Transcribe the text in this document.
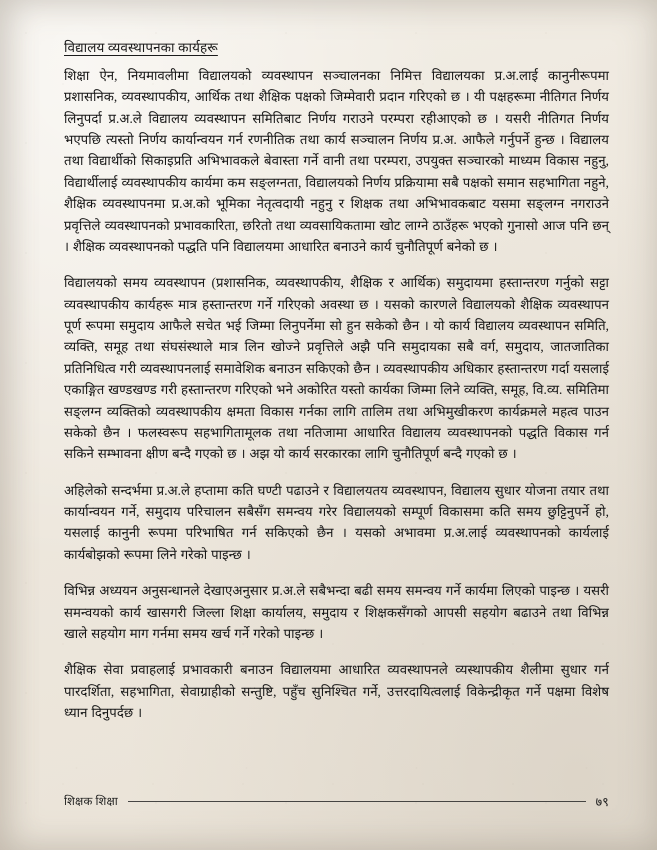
विद्यालय व्यवस्थापनका कार्यहरू

शिक्षा ऐन, नियमावलीमा विद्यालयको व्यवस्थापन सञ्चालनका निमित्त विद्यालयका प्र.अ.लाई कानुनीरूपमा प्रशासनिक, व्यवस्थापकीय, आर्थिक तथा शैक्षिक पक्षको जिम्मेवारी प्रदान गरिएको छ । यी पक्षहरूमा नीतिगत निर्णय लिनुपर्दा प्र.अ.ले विद्यालय व्यवस्थापन समितिबाट निर्णय गराउने परम्परा रहीआएको छ । यसरी नीतिगत निर्णय भएपछि त्यस्तो निर्णय कार्यान्वयन गर्न रणनीतिक तथा कार्य सञ्चालन निर्णय प्र.अ. आफैले गर्नुपर्ने हुन्छ । विद्यालय तथा विद्यार्थीको सिकाइप्रति अभिभावकले बेवास्ता गर्ने वानी तथा परम्परा, उपयुक्त सञ्चारको माध्यम विकास नहुनु, विद्यार्थीलाई व्यवस्थापकीय कार्यमा कम सङ्लग्नता, विद्यालयको निर्णय प्रक्रियामा सबै पक्षको समान सहभागिता नहुने, शैक्षिक व्यवस्थापनमा प्र.अ.को भूमिका नेतृत्वदायी नहुनु र शिक्षक तथा अभिभावकबाट यसमा सङ्लग्न नगराउने प्रवृत्तिले व्यवस्थापनको प्रभावकारिता, छरितो तथा व्यवसायिकतामा खोट लाग्ने ठाउँहरू भएको गुनासो आज पनि छन् । शैक्षिक व्यवस्थापनको पद्धति पनि विद्यालयमा आधारित बनाउने कार्य चुनौतिपूर्ण बनेको छ ।

विद्यालयको समय व्यवस्थापन (प्रशासनिक, व्यवस्थापकीय, शैक्षिक र आर्थिक) समुदायमा हस्तान्तरण गर्नुको सट्टा व्यवस्थापकीय कार्यहरू मात्र हस्तान्तरण गर्ने गरिएको अवस्था छ । यसको कारणले विद्यालयको शैक्षिक व्यवस्थापन पूर्ण रूपमा समुदाय आफैले सचेत भई जिम्मा लिनुपर्नेमा सो हुन सकेको छैन । यो कार्य विद्यालय व्यवस्थापन समिति, व्यक्ति, समूह तथा संघसंस्थाले मात्र लिन खोज्ने प्रवृत्तिले अझै पनि समुदायका सबै वर्ग, समुदाय, जातजातिका प्रतिनिधित्व गरी व्यवस्थापनलाई समावेशिक बनाउन सकिएको छैन । व्यवस्थापकीय अधिकार हस्तान्तरण गर्दा यसलाई एकाङ्गित खण्डखण्ड गरी हस्तान्तरण गरिएको भने अकोरित यस्तो कार्यका जिम्मा लिने व्यक्ति, समूह, वि.व्य. समितिमा सङ्लग्न व्यक्तिको व्यवस्थापकीय क्षमता विकास गर्नका लागि तालिम तथा अभिमुखीकरण कार्यक्रमले महत्व पाउन सकेको छैन । फलस्वरूप सहभागितामूलक तथा नतिजामा आधारित विद्यालय व्यवस्थापनको पद्धति विकास गर्न सकिने सम्भावना क्षीण बन्दै गएको छ । अझ यो कार्य सरकारका लागि चुनौतिपूर्ण बन्दै गएको छ ।

अहिलेको सन्दर्भमा प्र.अ.ले हप्तामा कति घण्टी पढाउने र विद्यालयतय व्यवस्थापन, विद्यालय सुधार योजना तयार तथा कार्यान्वयन गर्ने, समुदाय परिचालन सबैसँग समन्वय गरेर विद्यालयको सम्पूर्ण विकासमा कति समय छुट्टिनुपर्ने हो, यसलाई कानुनी रूपमा परिभाषित गर्न सकिएको छैन । यसको अभावमा प्र.अ.लाई व्यवस्थापनको कार्यलाई कार्यबोझको रूपमा लिने गरेको पाइन्छ ।

विभिन्न अध्ययन अनुसन्धानले देखाएअनुसार प्र.अ.ले सबैभन्दा बढी समय समन्वय गर्ने कार्यमा लिएकाे पाइन्छ । यसरी समन्वयको कार्य खासगरी जिल्ला शिक्षा कार्यालय, समुदाय र शिक्षकसँगको आपसी सहयोग बढाउने तथा विभिन्न खाले सहयोग माग गर्नमा समय खर्च गर्ने गरेको पाइन्छ ।

शैक्षिक सेवा प्रवाहलाई प्रभावकारी बनाउन विद्यालयमा आधारित व्यवस्थापनले व्यस्थापकीय शैलीमा सुधार गर्न पारदर्शिता, सहभागिता, सेवाग्राहीको सन्तुष्टि, पहुँच सुनिश्चित गर्ने, उत्तरदायित्वलाई विकेन्द्रीकृत गर्ने पक्षमा विशेष ध्यान दिनुपर्दछ ।

शिक्षक शिक्षा	७९
